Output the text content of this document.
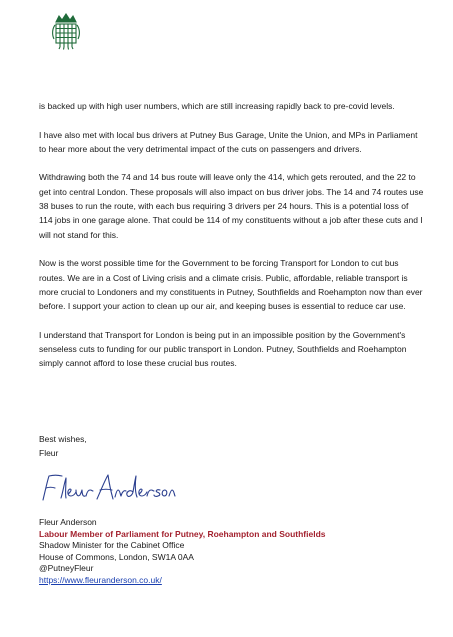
is backed up with high user numbers, which are still increasing rapidly back to pre-covid levels.

I have also met with local bus drivers at Putney Bus Garage, Unite the Union, and MPs in Parliament to hear more about the very detrimental impact of the cuts on passengers and drivers.

Withdrawing both the 74 and 14 bus route will leave only the 414, which gets rerouted, and the 22 to get into central London. These proposals will also impact on bus driver jobs. The 14 and 74 routes use 38 buses to run the route, with each bus requiring 3 drivers per 24 hours. This is a potential loss of 114 jobs in one garage alone. That could be 114 of my constituents without a job after these cuts and I will not stand for this.

Now is the worst possible time for the Government to be forcing Transport for London to cut bus routes. We are in a Cost of Living crisis and a climate crisis. Public, affordable, reliable transport is more crucial to Londoners and my constituents in Putney, Southfields and Roehampton now than ever before. I support your action to clean up our air, and keeping buses is essential to reduce car use.

I understand that Transport for London is being put in an impossible position by the Government's senseless cuts to funding for our public transport in London. Putney, Southfields and Roehampton simply cannot afford to lose these crucial bus routes.

Best wishes,
Fleur
Fleur Anderson
Labour Member of Parliament for Putney, Roehampton and Southfields
Shadow Minister for the Cabinet Office
House of Commons, London, SW1A 0AA
@PutneyFleur
https://www.fleuranderson.co.uk/
